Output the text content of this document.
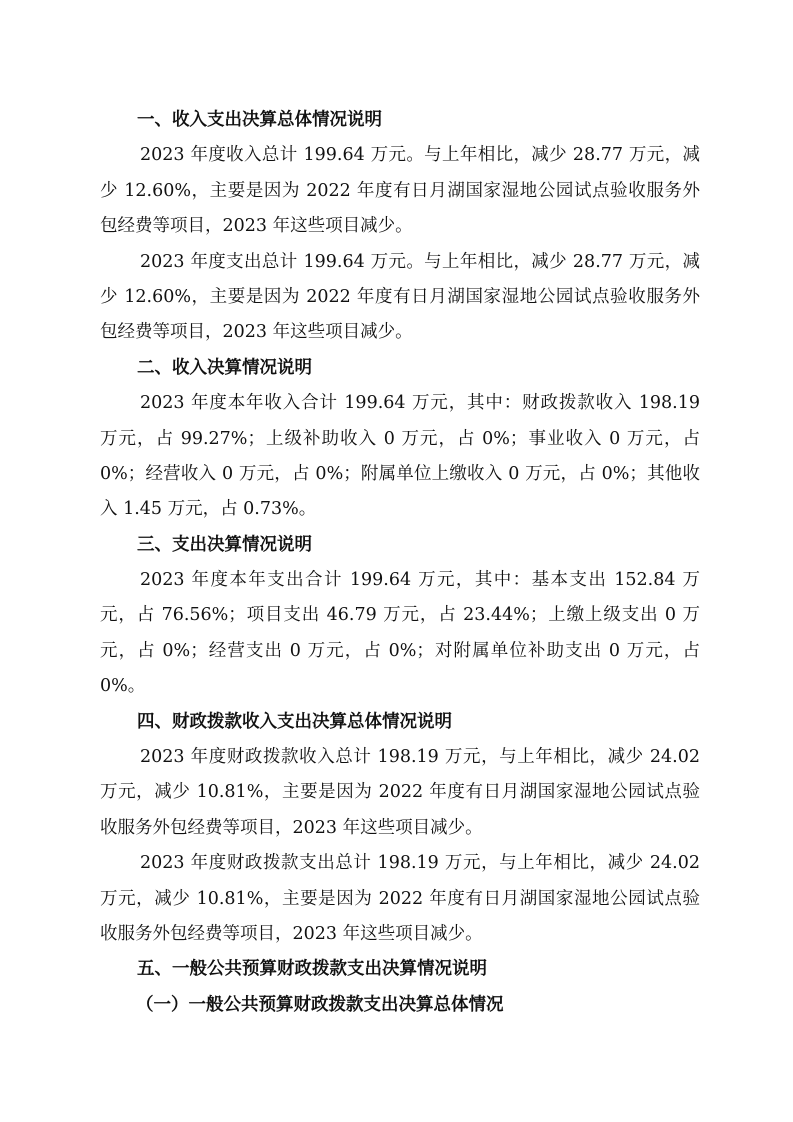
一、收入支出决算总体情况说明
2023 年度收入总计 199.64 万元。与上年相比，减少 28.77 万元，减
少 12.60%，主要是因为 2022 年度有日月湖国家湿地公园试点验收服务外
包经费等项目，2023 年这些项目减少。
2023 年度支出总计 199.64 万元。与上年相比，减少 28.77 万元，减
少 12.60%，主要是因为 2022 年度有日月湖国家湿地公园试点验收服务外
包经费等项目，2023 年这些项目减少。
二、收入决算情况说明
2023 年度本年收入合计 199.64 万元，其中：财政拨款收入 198.19
万元，占 99.27%；上级补助收入 0 万元，占 0%；事业收入 0 万元，占
0%；经营收入 0 万元，占 0%；附属单位上缴收入 0 万元，占 0%；其他收
入 1.45 万元，占 0.73%。
三、支出决算情况说明
2023 年度本年支出合计 199.64 万元，其中：基本支出 152.84 万
元，占 76.56%；项目支出 46.79 万元，占 23.44%；上缴上级支出 0 万
元，占 0%；经营支出 0 万元，占 0%；对附属单位补助支出 0 万元，占
0%。
四、财政拨款收入支出决算总体情况说明
2023 年度财政拨款收入总计 198.19 万元，与上年相比，减少 24.02
万元，减少 10.81%，主要是因为 2022 年度有日月湖国家湿地公园试点验
收服务外包经费等项目，2023 年这些项目减少。
2023 年度财政拨款支出总计 198.19 万元，与上年相比，减少 24.02
万元，减少 10.81%，主要是因为 2022 年度有日月湖国家湿地公园试点验
收服务外包经费等项目，2023 年这些项目减少。
五、一般公共预算财政拨款支出决算情况说明
（一）一般公共预算财政拨款支出决算总体情况
